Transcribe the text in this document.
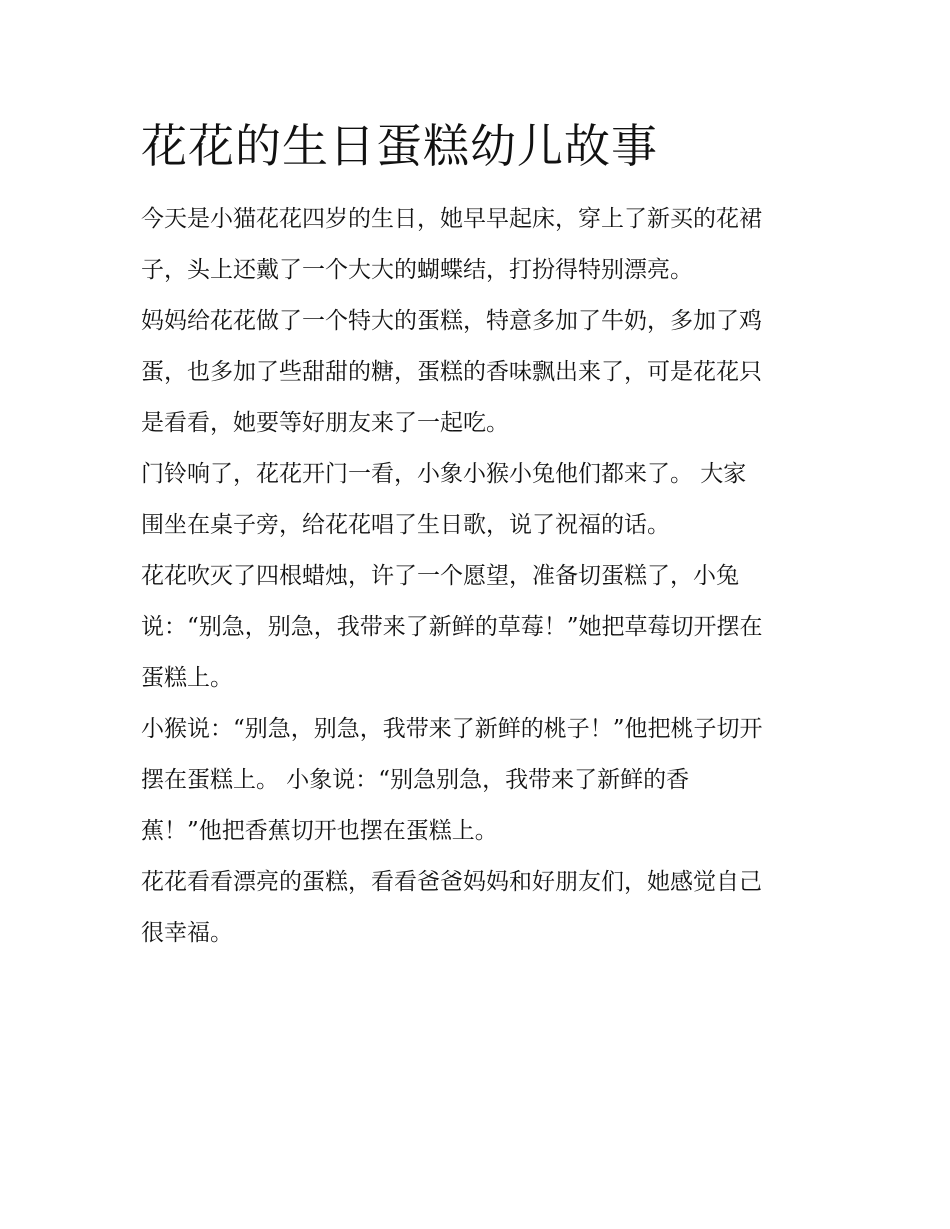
花花的生日蛋糕幼儿故事

今天是小猫花花四岁的生日，她早早起床，穿上了新买的花裙
子，头上还戴了一个大大的蝴蝶结，打扮得特别漂亮。

妈妈给花花做了一个特大的蛋糕，特意多加了牛奶，多加了鸡
蛋，也多加了些甜甜的糖，蛋糕的香味飘出来了，可是花花只
是看看，她要等好朋友来了一起吃。

门铃响了，花花开门一看，小象小猴小兔他们都来了。 大家
围坐在桌子旁，给花花唱了生日歌，说了祝福的话。

花花吹灭了四根蜡烛，许了一个愿望，准备切蛋糕了，小兔
说：“别急，别急，我带来了新鲜的草莓！”她把草莓切开摆在
蛋糕上。

小猴说：“别急，别急，我带来了新鲜的桃子！”他把桃子切开
摆在蛋糕上。 小象说：“别急别急，我带来了新鲜的香
蕉！”他把香蕉切开也摆在蛋糕上。

花花看看漂亮的蛋糕，看看爸爸妈妈和好朋友们，她感觉自己
很幸福。
